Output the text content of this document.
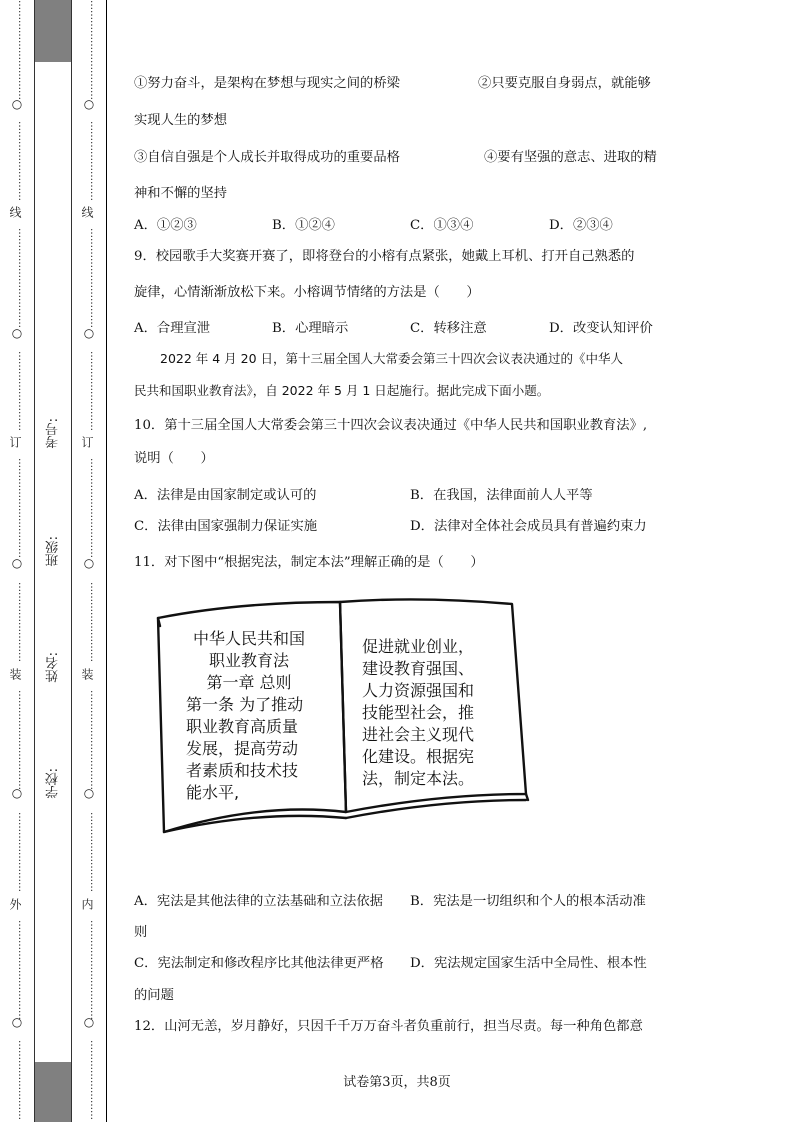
…………………………
○
……………………
线
…………………………
○
……………………
订
…………………………
○
……………………
装
…………………………
○
……………………
外
…………………………
○
……………………
考号:
班级:
姓名:
学校:
…………………………
○
……………………
线
…………………………
○
……………………
订
…………………………
○
……………………
装
…………………………
○
……………………
内
…………………………
○
……………………
①努力奋斗，是架构在梦想与现实之间的桥梁	②只要克服自身弱点，就能够
实现人生的梦想
③自信自强是个人成长并取得成功的重要品格	④要有坚强的意志、进取的精
神和不懈的坚持
A．①②③	B．①②④	C．①③④	D．②③④
9．校园歌手大奖赛开赛了，即将登台的小榕有点紧张，她戴上耳机、打开自己熟悉的
旋律，心情渐渐放松下来。小榕调节情绪的方法是（　　）
A．合理宣泄	B．心理暗示	C．转移注意	D．改变认知评价
2022 年 4 月 20 日，第十三届全国人大常委会第三十四次会议表决通过的《中华人
民共和国职业教育法》，自 2022 年 5 月 1 日起施行。据此完成下面小题。
10．第十三届全国人大常委会第三十四次会议表决通过《中华人民共和国职业教育法》,
说明（　　）
A．法律是由国家制定或认可的	B．在我国，法律面前人人平等
C．法律由国家强制力保证实施	D．法律对全体社会成员具有普遍约束力
11．对下图中“根据宪法，制定本法”理解正确的是（　　）
A．宪法是其他法律的立法基础和立法依据 B．宪法是一切组织和个人的根本活动准
则
C．宪法制定和修改程序比其他法律更严格 D．宪法规定国家生活中全局性、根本性
的问题
12．山河无恙，岁月静好，只因千千万万奋斗者负重前行，担当尽责。每一种角色都意
中华人民共和国
职业教育法
第一章 总则
第一条 为了推动
职业教育高质量
发展，提高劳动
者素质和技术技
能水平,
促进就业创业，
建设教育强国、
人力资源强国和
技能型社会，推
进社会主义现代
化建设。根据宪
法，制定本法。
试卷第3页，共8页
